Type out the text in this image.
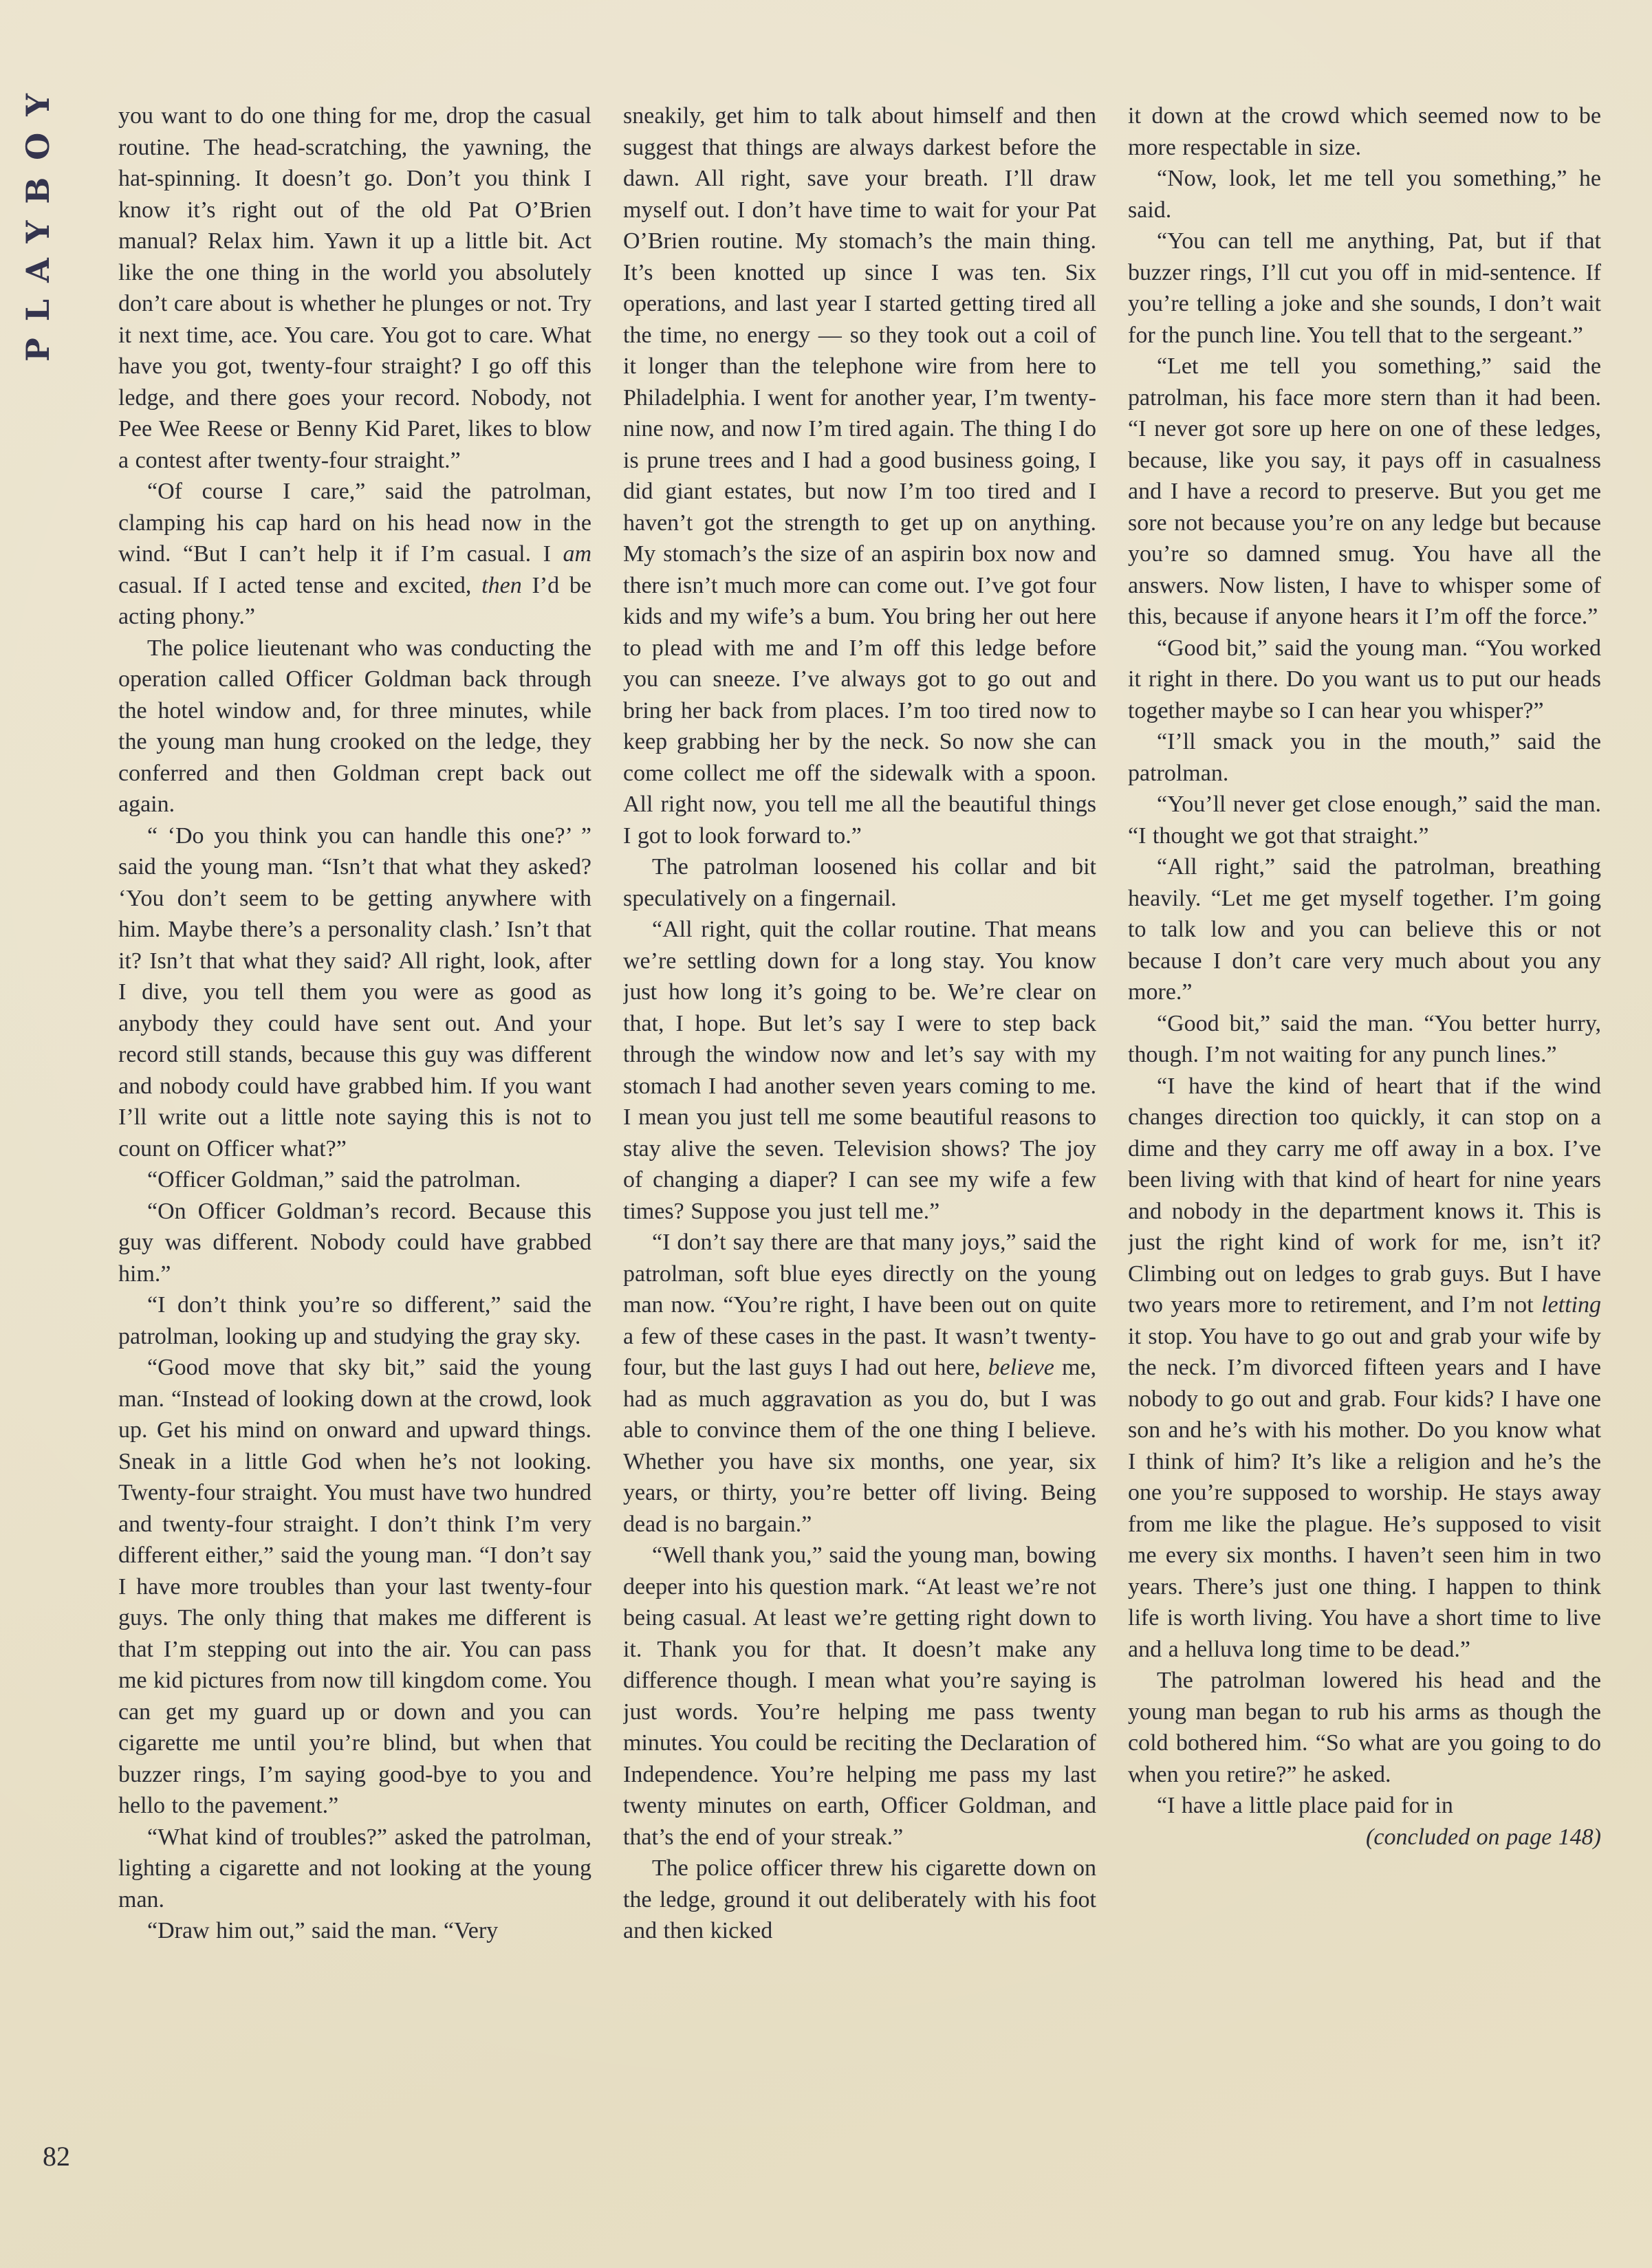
PLAYBOY
82

you want to do one thing for me, drop the casual routine. The head-scratching, the yawning, the hat-spinning. It doesn’t go. Don’t you think I know it’s right out of the old Pat O’Brien manual? Relax him. Yawn it up a little bit. Act like the one thing in the world you absolutely don’t care about is whether he plunges or not. Try it next time, ace. You care. You got to care. What have you got, twenty-four straight? I go off this ledge, and there goes your record. Nobody, not Pee Wee Reese or Benny Kid Paret, likes to blow a contest after twenty-four straight.”

“Of course I care,” said the patrolman, clamping his cap hard on his head now in the wind. “But I can’t help it if I’m casual. I am casual. If I acted tense and excited, then I’d be acting phony.”

The police lieutenant who was conducting the operation called Officer Goldman back through the hotel window and, for three minutes, while the young man hung crooked on the ledge, they conferred and then Goldman crept back out again.

“ ‘Do you think you can handle this one?’ ” said the young man. “Isn’t that what they asked? ‘You don’t seem to be getting anywhere with him. Maybe there’s a personality clash.’ Isn’t that it? Isn’t that what they said? All right, look, after I dive, you tell them you were as good as anybody they could have sent out. And your record still stands, because this guy was different and nobody could have grabbed him. If you want I’ll write out a little note saying this is not to count on Officer what?”

“Officer Goldman,” said the patrolman.

“On Officer Goldman’s record. Because this guy was different. Nobody could have grabbed him.”

“I don’t think you’re so different,” said the patrolman, looking up and studying the gray sky.

“Good move that sky bit,” said the young man. “Instead of looking down at the crowd, look up. Get his mind on onward and upward things. Sneak in a little God when he’s not looking. Twenty-four straight. You must have two hundred and twenty-four straight. I don’t think I’m very different either,” said the young man. “I don’t say I have more troubles than your last twenty-four guys. The only thing that makes me different is that I’m stepping out into the air. You can pass me kid pictures from now till kingdom come. You can get my guard up or down and you can cigarette me until you’re blind, but when that buzzer rings, I’m saying good-bye to you and hello to the pavement.”

“What kind of troubles?” asked the patrolman, lighting a cigarette and not looking at the young man.

“Draw him out,” said the man. “Very

sneakily, get him to talk about himself and then suggest that things are always darkest before the dawn. All right, save your breath. I’ll draw myself out. I don’t have time to wait for your Pat O’Brien routine. My stomach’s the main thing. It’s been knotted up since I was ten. Six operations, and last year I started getting tired all the time, no energy — so they took out a coil of it longer than the telephone wire from here to Philadelphia. I went for another year, I’m twenty-nine now, and now I’m tired again. The thing I do is prune trees and I had a good business going, I did giant estates, but now I’m too tired and I haven’t got the strength to get up on anything. My stomach’s the size of an aspirin box now and there isn’t much more can come out. I’ve got four kids and my wife’s a bum. You bring her out here to plead with me and I’m off this ledge before you can sneeze. I’ve always got to go out and bring her back from places. I’m too tired now to keep grabbing her by the neck. So now she can come collect me off the sidewalk with a spoon. All right now, you tell me all the beautiful things I got to look forward to.”

The patrolman loosened his collar and bit speculatively on a fingernail.

“All right, quit the collar routine. That means we’re settling down for a long stay. You know just how long it’s going to be. We’re clear on that, I hope. But let’s say I were to step back through the window now and let’s say with my stomach I had another seven years coming to me. I mean you just tell me some beautiful reasons to stay alive the seven. Television shows? The joy of changing a diaper? I can see my wife a few times? Suppose you just tell me.”

“I don’t say there are that many joys,” said the patrolman, soft blue eyes directly on the young man now. “You’re right, I have been out on quite a few of these cases in the past. It wasn’t twenty-four, but the last guys I had out here, believe me, had as much aggravation as you do, but I was able to convince them of the one thing I believe. Whether you have six months, one year, six years, or thirty, you’re better off living. Being dead is no bargain.”

“Well thank you,” said the young man, bowing deeper into his question mark. “At least we’re not being casual. At least we’re getting right down to it. Thank you for that. It doesn’t make any difference though. I mean what you’re saying is just words. You’re helping me pass twenty minutes. You could be reciting the Declaration of Independence. You’re helping me pass my last twenty minutes on earth, Officer Goldman, and that’s the end of your streak.”

The police officer threw his cigarette down on the ledge, ground it out deliberately with his foot and then kicked

it down at the crowd which seemed now to be more respectable in size.

“Now, look, let me tell you something,” he said.

“You can tell me anything, Pat, but if that buzzer rings, I’ll cut you off in mid-sentence. If you’re telling a joke and she sounds, I don’t wait for the punch line. You tell that to the sergeant.”

“Let me tell you something,” said the patrolman, his face more stern than it had been. “I never got sore up here on one of these ledges, because, like you say, it pays off in casualness and I have a record to preserve. But you get me sore not because you’re on any ledge but because you’re so damned smug. You have all the answers. Now listen, I have to whisper some of this, because if anyone hears it I’m off the force.”

“Good bit,” said the young man. “You worked it right in there. Do you want us to put our heads together maybe so I can hear you whisper?”

“I’ll smack you in the mouth,” said the patrolman.

“You’ll never get close enough,” said the man. “I thought we got that straight.”

“All right,” said the patrolman, breathing heavily. “Let me get myself together. I’m going to talk low and you can believe this or not because I don’t care very much about you any more.”

“Good bit,” said the man. “You better hurry, though. I’m not waiting for any punch lines.”

“I have the kind of heart that if the wind changes direction too quickly, it can stop on a dime and they carry me off away in a box. I’ve been living with that kind of heart for nine years and nobody in the department knows it. This is just the right kind of work for me, isn’t it? Climbing out on ledges to grab guys. But I have two years more to retirement, and I’m not letting it stop. You have to go out and grab your wife by the neck. I’m divorced fifteen years and I have nobody to go out and grab. Four kids? I have one son and he’s with his mother. Do you know what I think of him? It’s like a religion and he’s the one you’re supposed to worship. He stays away from me like the plague. He’s supposed to visit me every six months. I haven’t seen him in two years. There’s just one thing. I happen to think life is worth living. You have a short time to live and a helluva long time to be dead.”

The patrolman lowered his head and the young man began to rub his arms as though the cold bothered him. “So what are you going to do when you retire?” he asked.

“I have a little place paid for in

(concluded on page 148)
